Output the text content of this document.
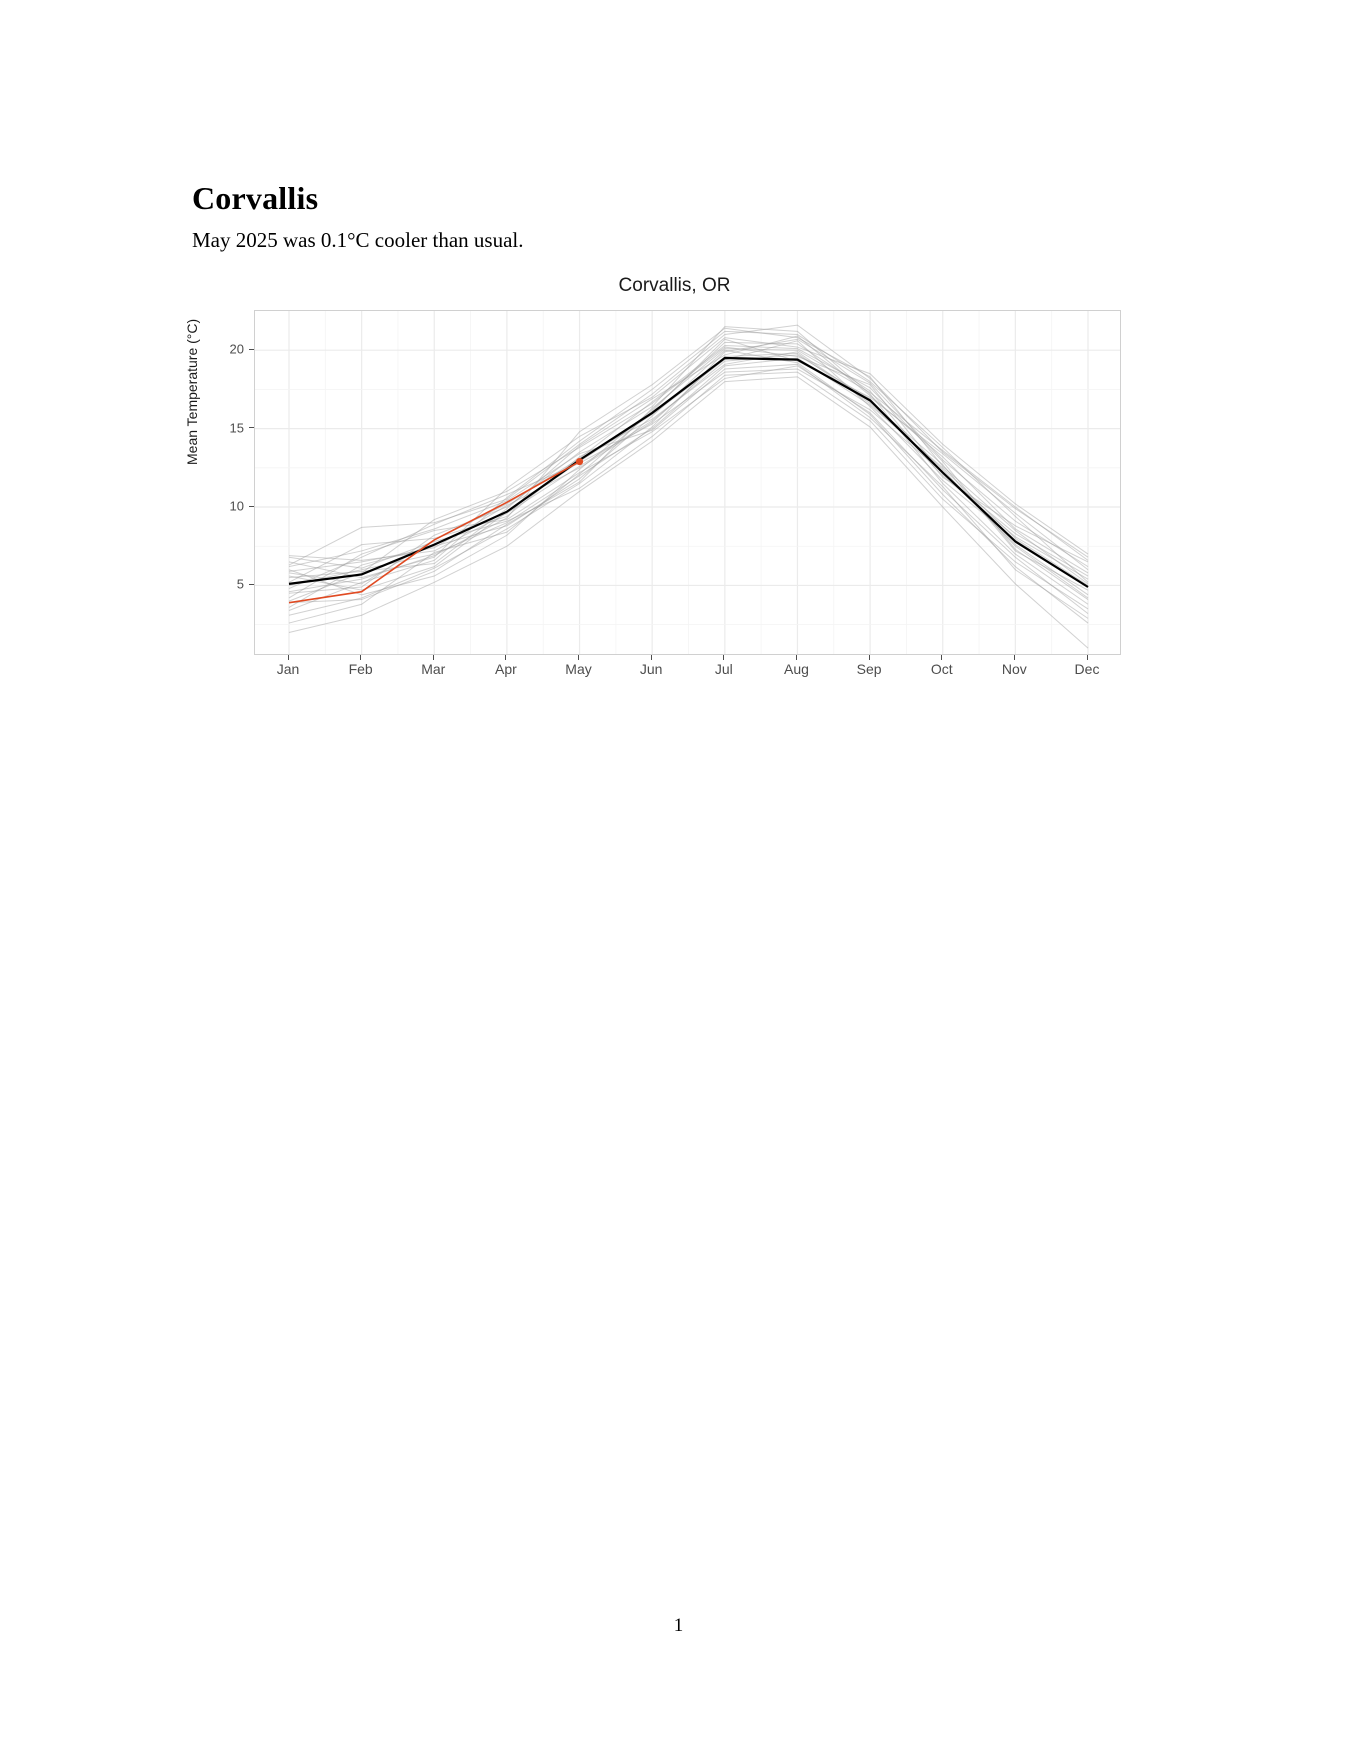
Corvallis
May 2025 was 0.1°C cooler than usual.
Corvallis, OR
Mean Temperature (°C)
5
10
15
20
Jan	Feb	Mar	Apr	May	Jun	Jul	Aug	Sep	Oct	Nov	Dec
1
